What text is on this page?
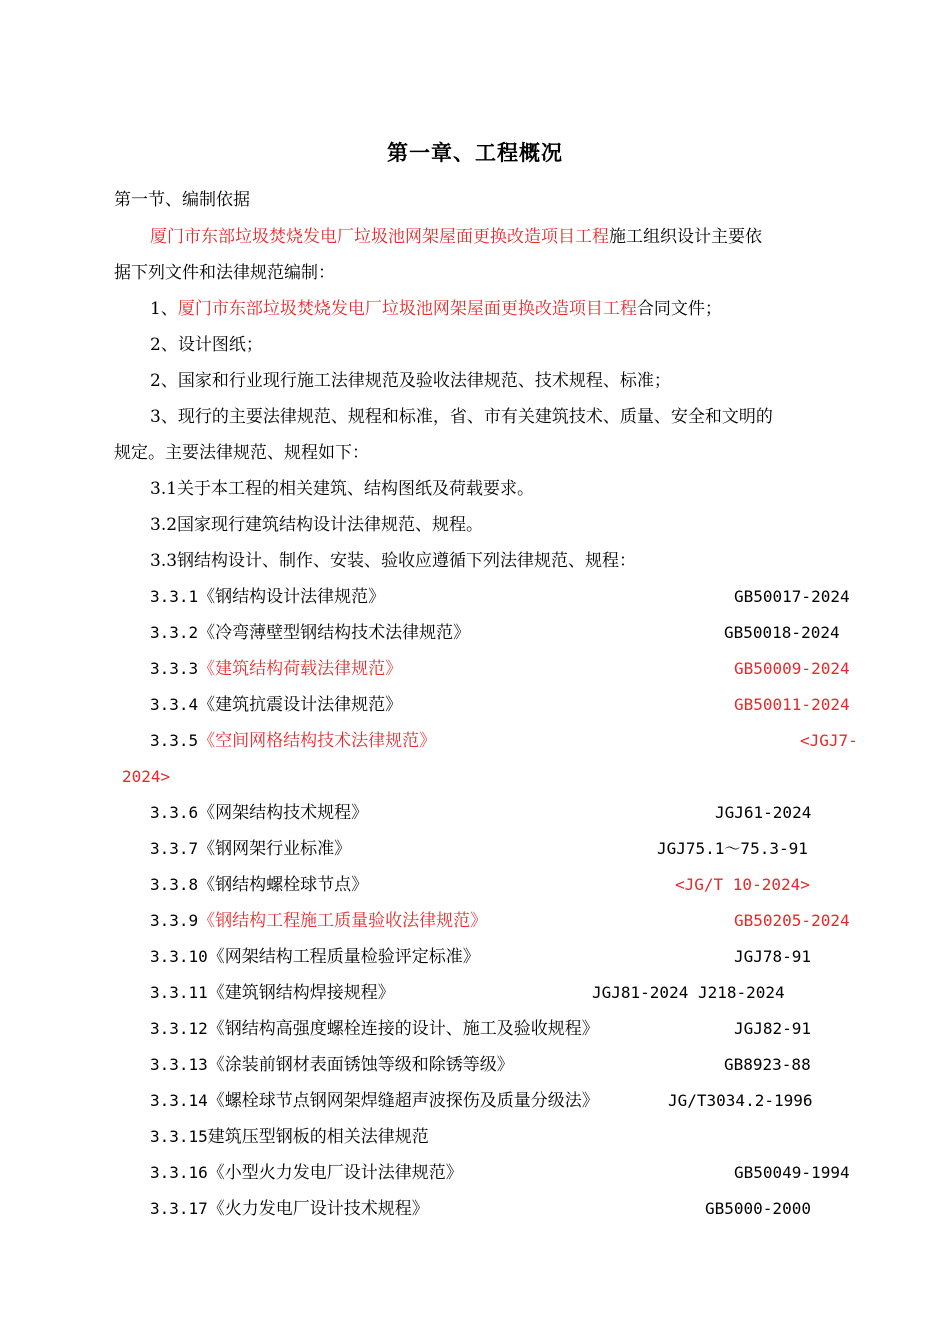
第一章、工程概况
第一节、编制依据
厦门市东部垃圾焚烧发电厂垃圾池网架屋面更换改造项目工程施工组织设计主要依
据下列文件和法律规范编制：
1、厦门市东部垃圾焚烧发电厂垃圾池网架屋面更换改造项目工程合同文件；
2、设计图纸；
2、国家和行业现行施工法律规范及验收法律规范、技术规程、标准；
3、现行的主要法律规范、规程和标准，省、市有关建筑技术、质量、安全和文明的
规定。主要法律规范、规程如下：
3.1关于本工程的相关建筑、结构图纸及荷载要求。
3.2国家现行建筑结构设计法律规范、规程。
3.3钢结构设计、制作、安装、验收应遵循下列法律规范、规程：
3.3.1《钢结构设计法律规范》	GB50017-2024
3.3.2《冷弯薄壁型钢结构技术法律规范》	GB50018-2024
3.3.3《建筑结构荷载法律规范》	GB50009-2024
3.3.4《建筑抗震设计法律规范》	GB50011-2024
3.3.5《空间网格结构技术法律规范》	<JGJ7-
2024>
3.3.6《网架结构技术规程》	JGJ61-2024
3.3.7《钢网架行业标准》	JGJ75.1～75.3-91
3.3.8《钢结构螺栓球节点》	<JG/T 10-2024>
3.3.9《钢结构工程施工质量验收法律规范》	GB50205-2024
3.3.10《网架结构工程质量检验评定标准》	JGJ78-91
3.3.11《建筑钢结构焊接规程》	JGJ81-2024 J218-2024
3.3.12《钢结构高强度螺栓连接的设计、施工及验收规程》	JGJ82-91
3.3.13《涂装前钢材表面锈蚀等级和除锈等级》	GB8923-88
3.3.14《螺栓球节点钢网架焊缝超声波探伤及质量分级法》	JG/T3034.2-1996
3.3.15建筑压型钢板的相关法律规范
3.3.16《小型火力发电厂设计法律规范》	GB50049-1994
3.3.17《火力发电厂设计技术规程》	GB5000-2000
